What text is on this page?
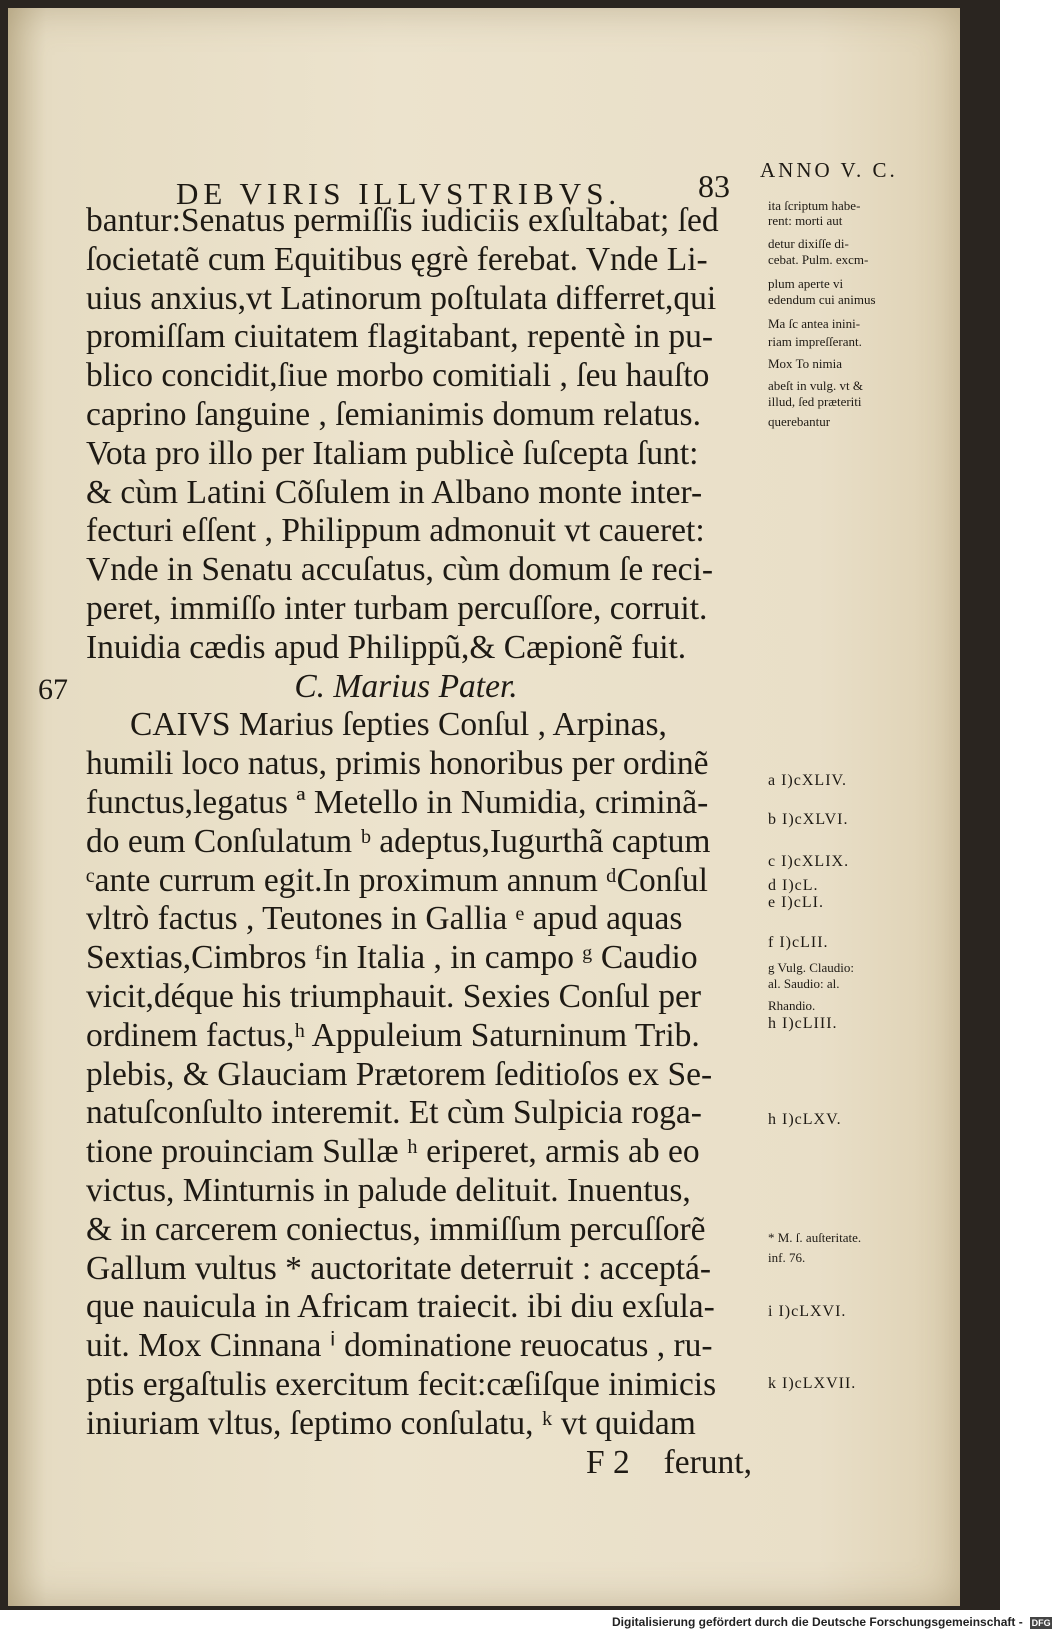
DE VIRIS ILLVSTRIBVS. 83 ANNO V. C.
67
bantur:Senatus permiſſis iudiciis exſultabat; ſed
ſocietatẽ cum Equitibus ęgrè ferebat. Vnde Li-
uius anxius,vt Latinorum poſtulata differret,qui
promiſſam ciuitatem flagitabant, repentè in pu-
blico concidit,ſiue morbo comitiali , ſeu hauſto
caprino ſanguine , ſemianimis domum relatus.
Vota pro illo per Italiam publicè ſuſcepta ſunt:
& cùm Latini Cõſulem in Albano monte inter-
fecturi eſſent , Philippum admonuit vt caueret:
Vnde in Senatu accuſatus, cùm domum ſe reci-
peret, immiſſo inter turbam percuſſore, corruit.
Inuidia cædis apud Philippũ,& Cæpionẽ fuit.
C. Marius Pater.
CAIVS Marius ſepties Conſul , Arpinas,
humili loco natus, primis honoribus per ordinẽ
functus,legatus ª Metello in Numidia, criminã-
do eum Conſulatum ᵇ adeptus,Iugurthã captum
ᶜante currum egit.In proximum annum ᵈConſul
vltrò factus , Teutones in Gallia ᵉ apud aquas
Sextias,Cimbros ᶠin Italia , in campo ᵍ Caudio
vicit,déque his triumphauit. Sexies Conſul per
ordinem factus,ʰ Appuleium Saturninum Trib.
plebis, & Glauciam Prætorem ſeditioſos ex Se-
natuſconſulto interemit. Et cùm Sulpicia roga-
tione prouinciam Sullæ ʰ eriperet, armis ab eo
victus, Minturnis in palude delituit. Inuentus,
& in carcerem coniectus, immiſſum percuſſorẽ
Gallum vultus * auctoritate deterruit : acceptá-
que nauicula in Africam traiecit. ibi diu exſula-
uit. Mox Cinnana ⁱ dominatione reuocatus , ru-
ptis ergaſtulis exercitum fecit:cæſiſque inimicis
iniuriam vltus, ſeptimo conſulatu, ᵏ vt quidam
F 2 ferunt,
ita ſcriptum habe-
rent: morti aut
detur dixiſſe di-
cebat. Pulm. excm-
plum aperte vi
edendum cui animus
Ma ſc antea inini-
riam impreſſerant.
Mox To nimia
abeſt in vulg. vt &
illud, ſed præteriti
querebantur
a I)cXLIV.
b I)cXLVI.
c I)cXLIX.
d I)cL.
e I)cLI.
f I)cLII.
g Vulg. Claudio:
al. Saudio: al.
Rhandio.
h I)cLIII.
h I)cLXV.
* M. ſ. auſteritate.
inf. 76.
i I)cLXVI.
k I)cLXVII.
Digitalisierung gefördert durch die Deutsche Forschungsgemeinschaft - DFG
